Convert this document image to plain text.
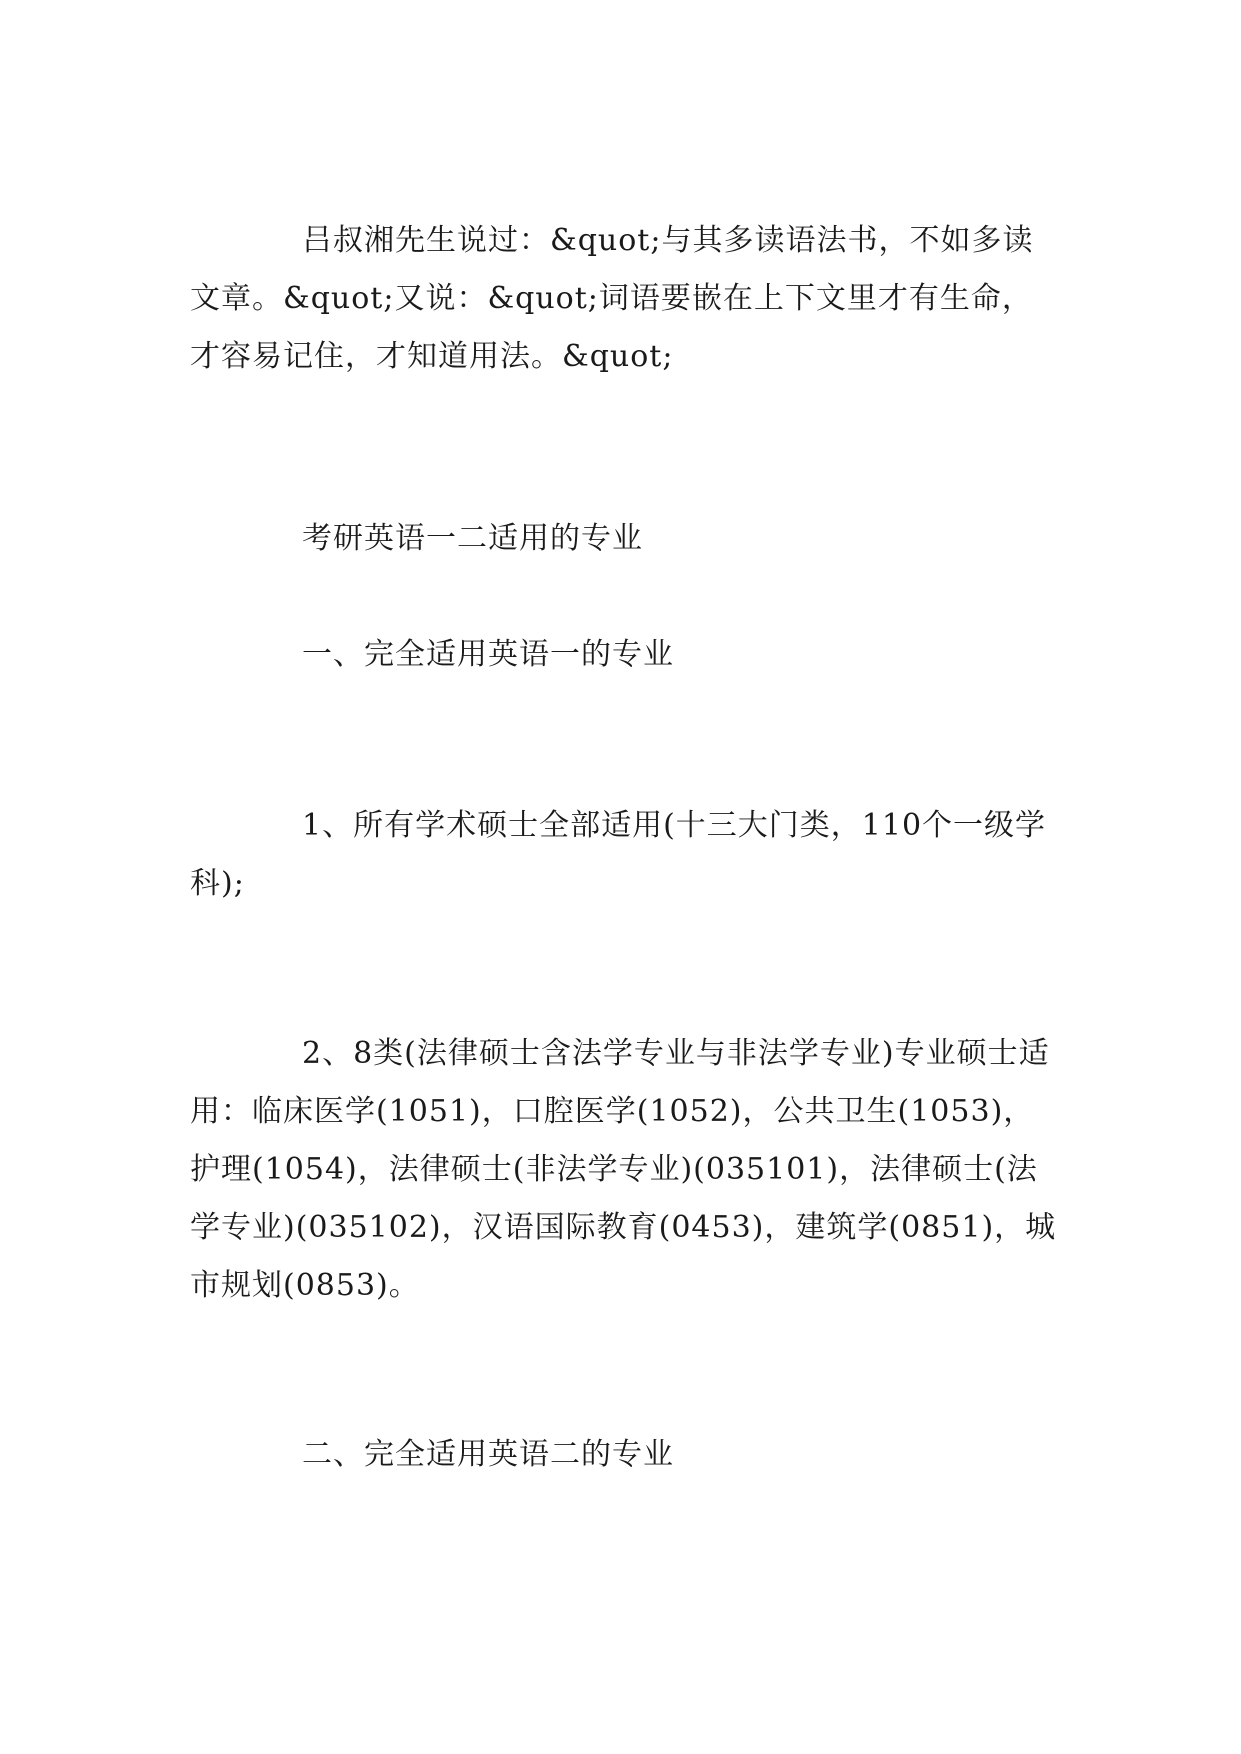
吕叔湘先生说过：&quot;与其多读语法书，不如多读文章。&quot;又说：&quot;词语要嵌在上下文里才有生命，才容易记住，才知道用法。&quot;

考研英语一二适用的专业

一、完全适用英语一的专业

1、所有学术硕士全部适用(十三大门类，110个一级学科);

2、8类(法律硕士含法学专业与非法学专业)专业硕士适用：临床医学(1051)，口腔医学(1052)，公共卫生(1053)，护理(1054)，法律硕士(非法学专业)(035101)，法律硕士(法学专业)(035102)，汉语国际教育(0453)，建筑学(0851)，城市规划(0853)。

二、完全适用英语二的专业
